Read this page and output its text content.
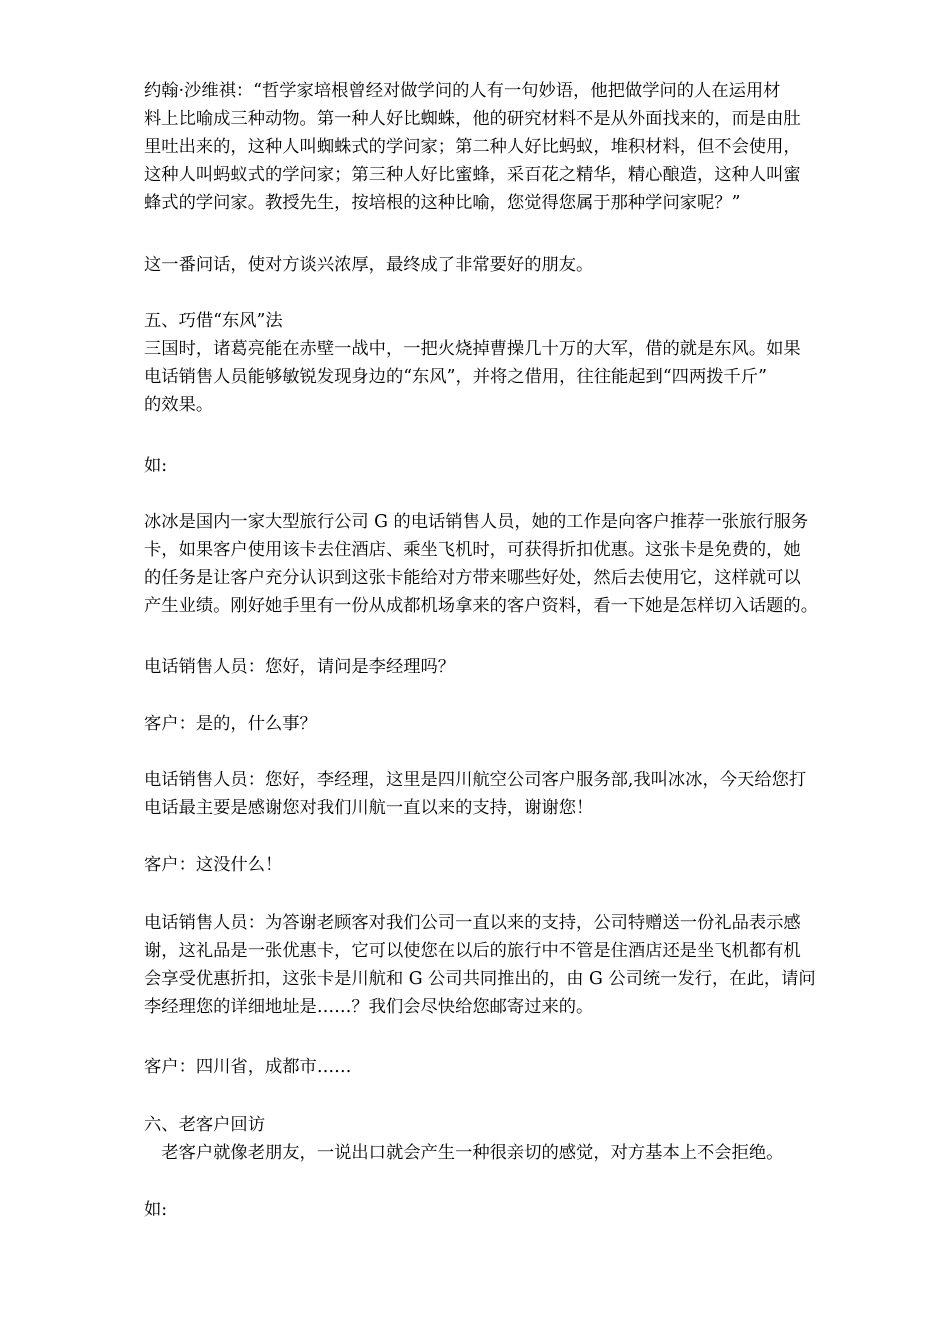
约翰·沙维祺：“哲学家培根曾经对做学问的人有一句妙语，他把做学问的人在运用材
料上比喻成三种动物。第一种人好比蜘蛛，他的研究材料不是从外面找来的，而是由肚
里吐出来的，这种人叫蜘蛛式的学问家；第二种人好比蚂蚁，堆积材料，但不会使用，
这种人叫蚂蚁式的学问家；第三种人好比蜜蜂，采百花之精华，精心酿造，这种人叫蜜
蜂式的学问家。教授先生，按培根的这种比喻，您觉得您属于那种学问家呢？”
这一番问话，使对方谈兴浓厚，最终成了非常要好的朋友。
五、巧借“东风”法
三国时，诸葛亮能在赤壁一战中，一把火烧掉曹操几十万的大军，借的就是东风。如果
电话销售人员能够敏锐发现身边的“东风”，并将之借用，往往能起到“四两拨千斤”
的效果。
如:
冰冰是国内一家大型旅行公司 G 的电话销售人员，她的工作是向客户推荐一张旅行服务
卡，如果客户使用该卡去住酒店、乘坐飞机时，可获得折扣优惠。这张卡是免费的，她
的任务是让客户充分认识到这张卡能给对方带来哪些好处，然后去使用它，这样就可以
产生业绩。刚好她手里有一份从成都机场拿来的客户资料，看一下她是怎样切入话题的。
电话销售人员：您好，请问是李经理吗？
客户：是的，什么事？
电话销售人员：您好，李经理，这里是四川航空公司客户服务部,我叫冰冰，今天给您打
电话最主要是感谢您对我们川航一直以来的支持，谢谢您！
客户：这没什么！
电话销售人员：为答谢老顾客对我们公司一直以来的支持，公司特赠送一份礼品表示感
谢，这礼品是一张优惠卡，它可以使您在以后的旅行中不管是住酒店还是坐飞机都有机
会享受优惠折扣，这张卡是川航和 G 公司共同推出的，由 G 公司统一发行，在此，请问
李经理您的详细地址是……？我们会尽快给您邮寄过来的。
客户：四川省，成都市……
六、老客户回访
　老客户就像老朋友，一说出口就会产生一种很亲切的感觉，对方基本上不会拒绝。
如:
